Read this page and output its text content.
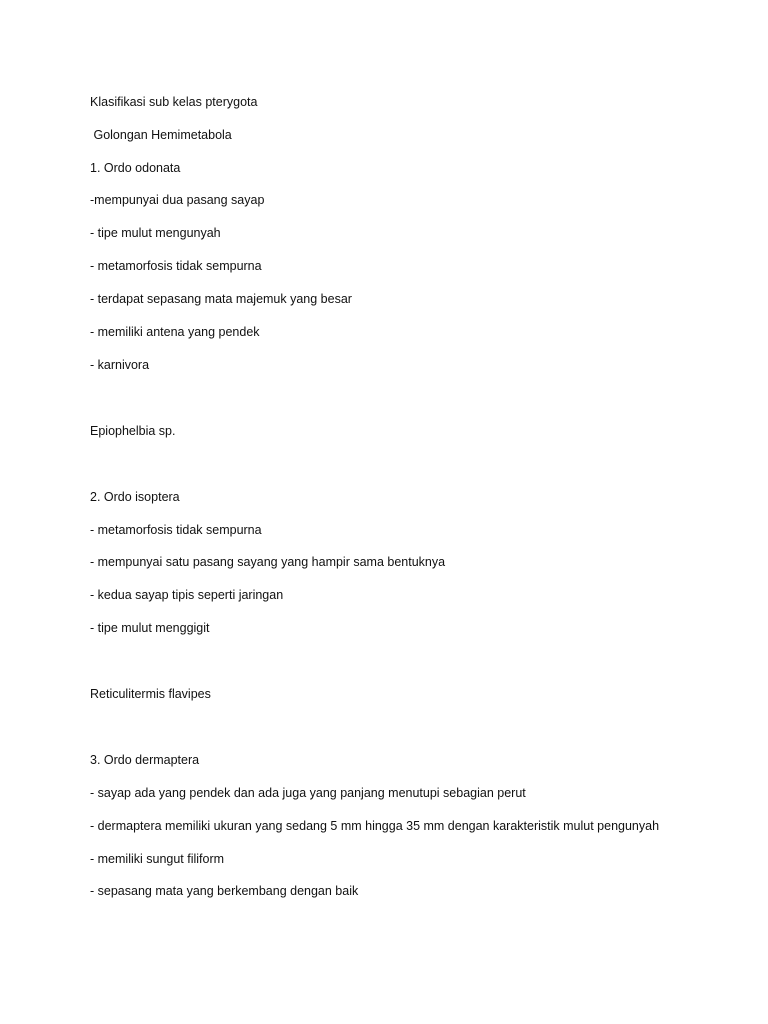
Klasifikasi sub kelas pterygota
Golongan Hemimetabola
1. Ordo odonata
-mempunyai dua pasang sayap
- tipe mulut mengunyah
- metamorfosis tidak sempurna
- terdapat sepasang mata majemuk yang besar
- memiliki antena yang pendek
- karnivora
Epiophelbia sp.
2. Ordo isoptera
- metamorfosis tidak sempurna
- mempunyai satu pasang sayang yang hampir sama bentuknya
- kedua sayap tipis seperti jaringan
- tipe mulut menggigit
Reticulitermis flavipes
3. Ordo dermaptera
- sayap ada yang pendek dan ada juga yang panjang menutupi sebagian perut
- dermaptera memiliki ukuran yang sedang 5 mm hingga 35 mm dengan karakteristik mulut pengunyah
- memiliki sungut filiform
- sepasang mata yang berkembang dengan baik
